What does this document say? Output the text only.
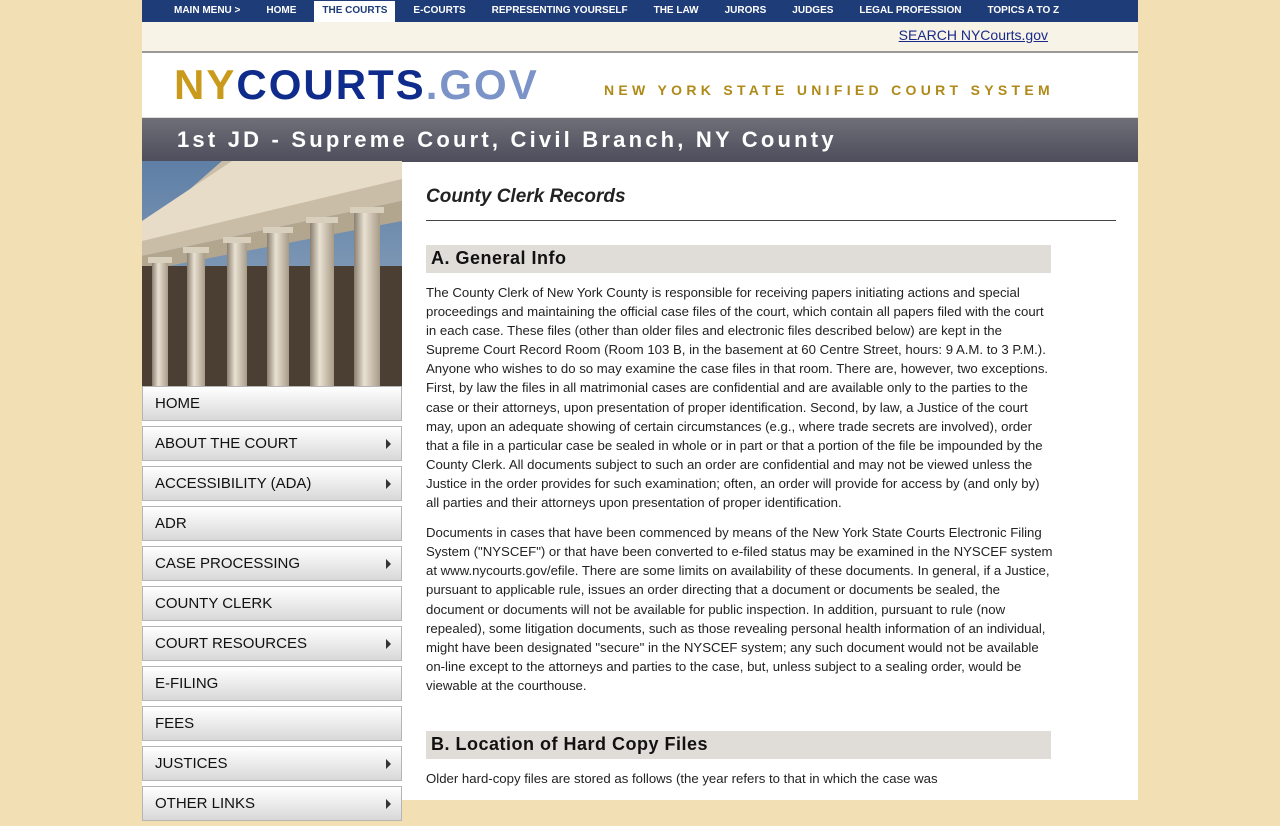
MAIN MENU >	HOME	THE COURTS	E-COURTS	REPRESENTING YOURSELF	THE LAW	JURORS	JUDGES	LEGAL PROFESSION	TOPICS A TO Z
SEARCH NYCourts.gov
NYCOURTS.GOV	NEW YORK STATE UNIFIED COURT SYSTEM
1st JD - Supreme Court, Civil Branch, NY County
HOME
ABOUT THE COURT
ACCESSIBILITY (ADA)
ADR
CASE PROCESSING
COUNTY CLERK
COURT RESOURCES
E-FILING
FEES
JUSTICES
OTHER LINKS
County Clerk Records
A. General Info
The County Clerk of New York County is responsible for receiving papers initiating actions and special proceedings and maintaining the official case files of the court, which contain all papers filed with the court in each case. These files (other than older files and electronic files described below) are kept in the Supreme Court Record Room (Room 103 B, in the basement at 60 Centre Street, hours: 9 A.M. to 3 P.M.). Anyone who wishes to do so may examine the case files in that room. There are, however, two exceptions. First, by law the files in all matrimonial cases are confidential and are available only to the parties to the case or their attorneys, upon presentation of proper identification. Second, by law, a Justice of the court may, upon an adequate showing of certain circumstances (e.g., where trade secrets are involved), order that a file in a particular case be sealed in whole or in part or that a portion of the file be impounded by the County Clerk. All documents subject to such an order are confidential and may not be viewed unless the Justice in the order provides for such examination; often, an order will provide for access by (and only by) all parties and their attorneys upon presentation of proper identification.
Documents in cases that have been commenced by means of the New York State Courts Electronic Filing System ("NYSCEF") or that have been converted to e-filed status may be examined in the NYSCEF system at www.nycourts.gov/efile. There are some limits on availability of these documents. In general, if a Justice, pursuant to applicable rule, issues an order directing that a document or documents be sealed, the document or documents will not be available for public inspection. In addition, pursuant to rule (now repealed), some litigation documents, such as those revealing personal health information of an individual, might have been designated "secure" in the NYSCEF system; any such document would not be available on-line except to the attorneys and parties to the case, but, unless subject to a sealing order, would be viewable at the courthouse.
B. Location of Hard Copy Files
Older hard-copy files are stored as follows (the year refers to that in which the case was
